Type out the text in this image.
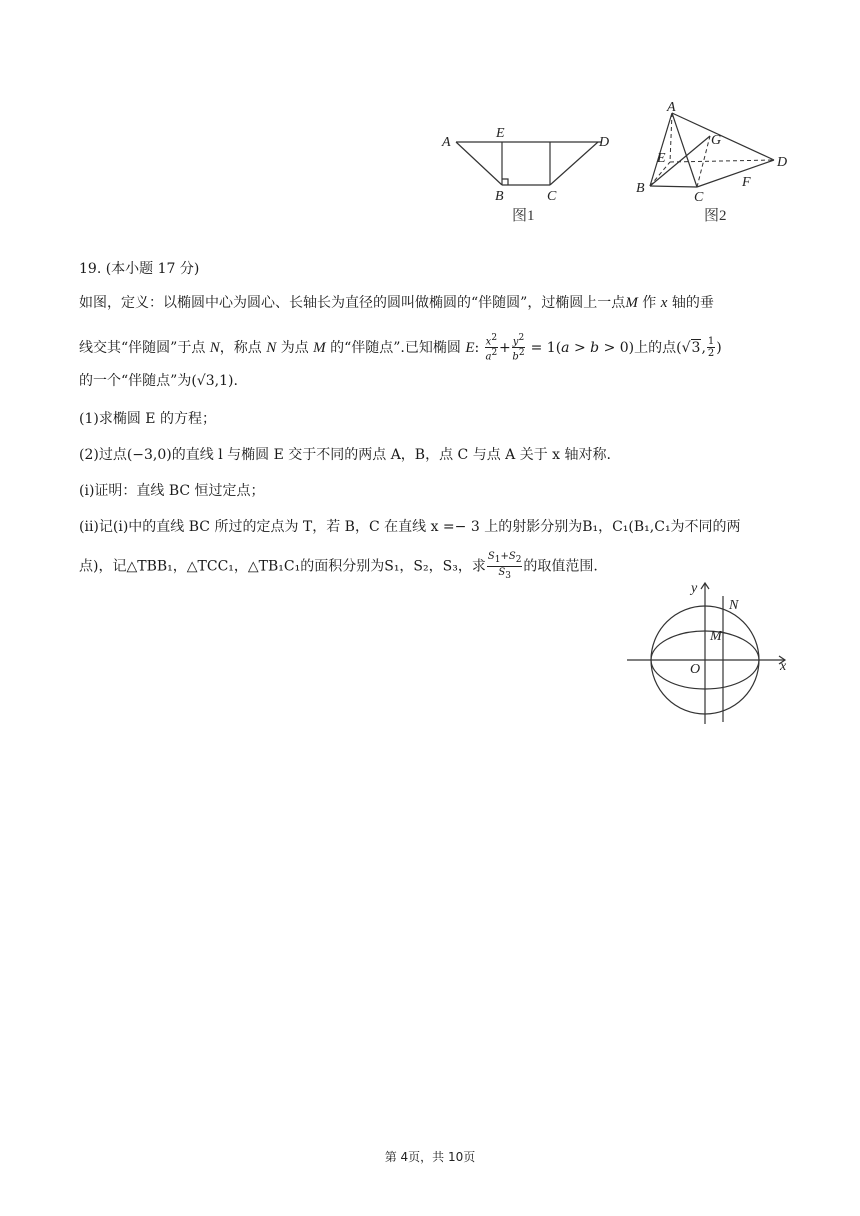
A
E
D
B	C
图1
A
G
E	D
B
C
F
图2
19. (本小题 17 分)
如图，定义：以椭圆中心为圆心、长轴长为直径的圆叫做椭圆的“伴随圆”，过椭圆上一点M 作 x 轴的垂
线交其“伴随圆”于点 N，称点 N 为点 M 的“伴随点”.已知椭圆 E: $\frac{x^2}{a^2} + \frac{y^2}{b^2} = 1(a > b > 0)$上的点(√3, $\frac{1}{2}$ )
的一个“伴随点”为(√3,1).
(1)求椭圆 E 的方程；
(2)过点(−3,0)的直线 l 与椭圆 E 交于不同的两点 A，B，点 C 与点 A 关于 x 轴对称.
(i)证明：直线 BC 恒过定点；
(ii)记(i)中的直线 BC 所过的定点为 T，若 B，C 在直线 x =− 3 上的射影分别为B₁，C₁(B₁,C₁为不同的两
点)，记△TBB₁，△TCC₁，△TB₁C₁的面积分别为S₁，S₂，S₃，求 $\frac{S_1+S_2}{S_3}$ 的取值范围.
y
N
M
O	x
第 4页，共 10页
